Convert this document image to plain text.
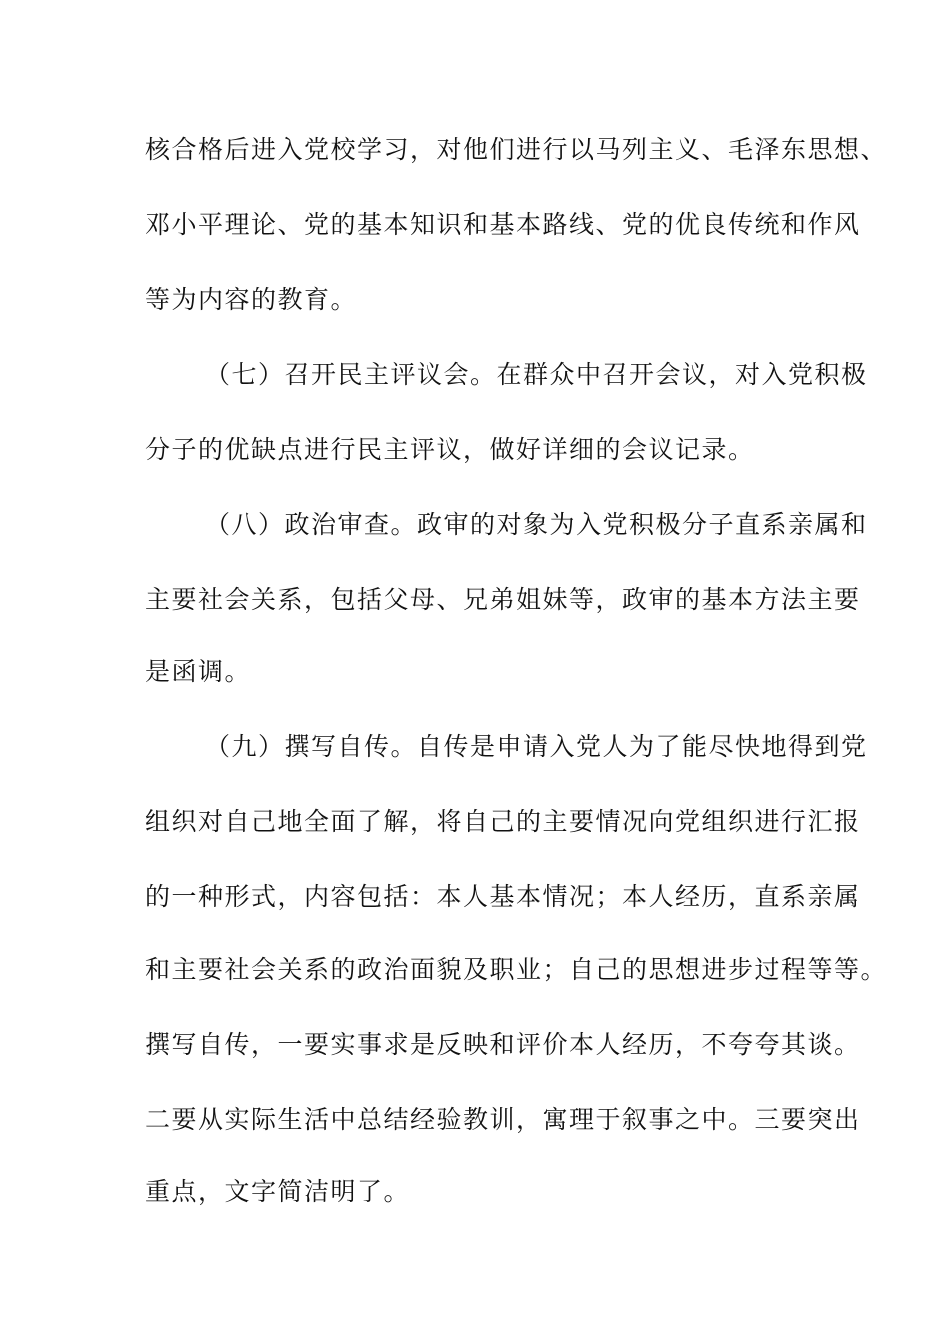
核合格后进入党校学习，对他们进行以马列主义、毛泽东思想、
邓小平理论、党的基本知识和基本路线、党的优良传统和作风
等为内容的教育。
（七）召开民主评议会。在群众中召开会议，对入党积极
分子的优缺点进行民主评议，做好详细的会议记录。
（八）政治审查。政审的对象为入党积极分子直系亲属和
主要社会关系，包括父母、兄弟姐妹等，政审的基本方法主要
是函调。
（九）撰写自传。自传是申请入党人为了能尽快地得到党
组织对自己地全面了解，将自己的主要情况向党组织进行汇报
的一种形式，内容包括：本人基本情况；本人经历，直系亲属
和主要社会关系的政治面貌及职业；自己的思想进步过程等等。
撰写自传，一要实事求是反映和评价本人经历，不夸夸其谈。
二要从实际生活中总结经验教训，寓理于叙事之中。三要突出
重点，文字简洁明了。
